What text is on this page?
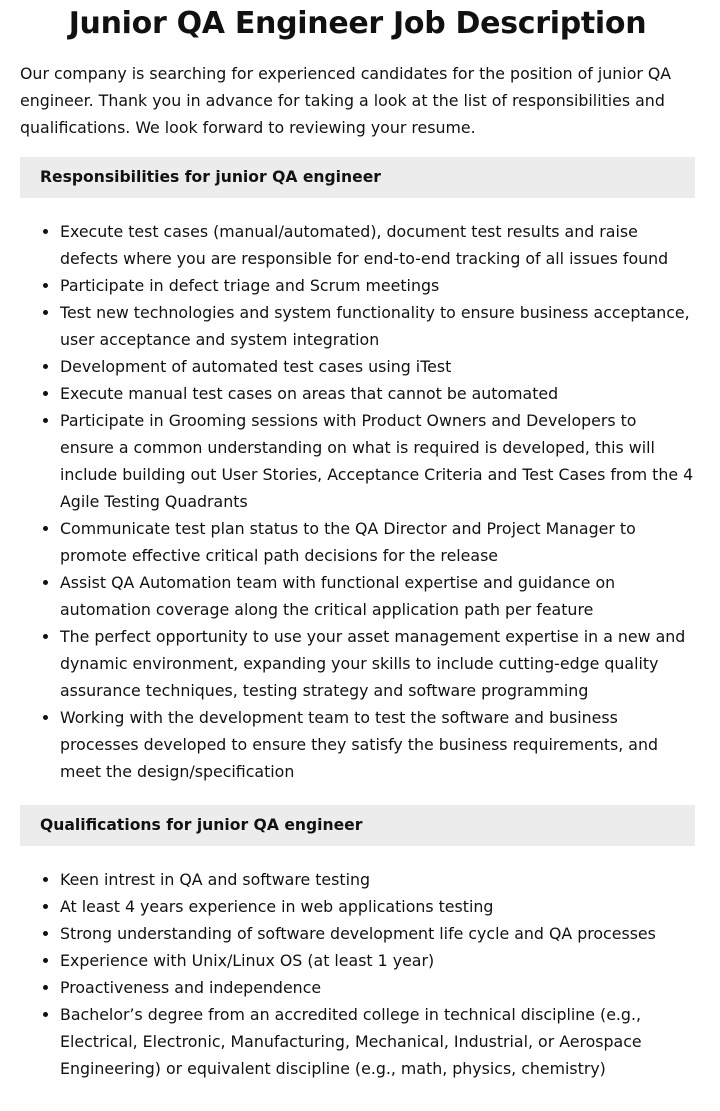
Junior QA Engineer Job Description

Our company is searching for experienced candidates for the position of junior QA engineer. Thank you in advance for taking a look at the list of responsibilities and qualifications. We look forward to reviewing your resume.

Responsibilities for junior QA engineer
• Execute test cases (manual/automated), document test results and raise defects where you are responsible for end-to-end tracking of all issues found
• Participate in defect triage and Scrum meetings
• Test new technologies and system functionality to ensure business acceptance, user acceptance and system integration
• Development of automated test cases using iTest
• Execute manual test cases on areas that cannot be automated
• Participate in Grooming sessions with Product Owners and Developers to ensure a common understanding on what is required is developed, this will include building out User Stories, Acceptance Criteria and Test Cases from the 4 Agile Testing Quadrants
• Communicate test plan status to the QA Director and Project Manager to promote effective critical path decisions for the release
• Assist QA Automation team with functional expertise and guidance on automation coverage along the critical application path per feature
• The perfect opportunity to use your asset management expertise in a new and dynamic environment, expanding your skills to include cutting-edge quality assurance techniques, testing strategy and software programming
• Working with the development team to test the software and business processes developed to ensure they satisfy the business requirements, and meet the design/specification
Qualifications for junior QA engineer
• Keen intrest in QA and software testing
• At least 4 years experience in web applications testing
• Strong understanding of software development life cycle and QA processes
• Experience with Unix/Linux OS (at least 1 year)
• Proactiveness and independence
• Bachelor’s degree from an accredited college in technical discipline (e.g., Electrical, Electronic, Manufacturing, Mechanical, Industrial, or Aerospace Engineering) or equivalent discipline (e.g., math, physics, chemistry)
